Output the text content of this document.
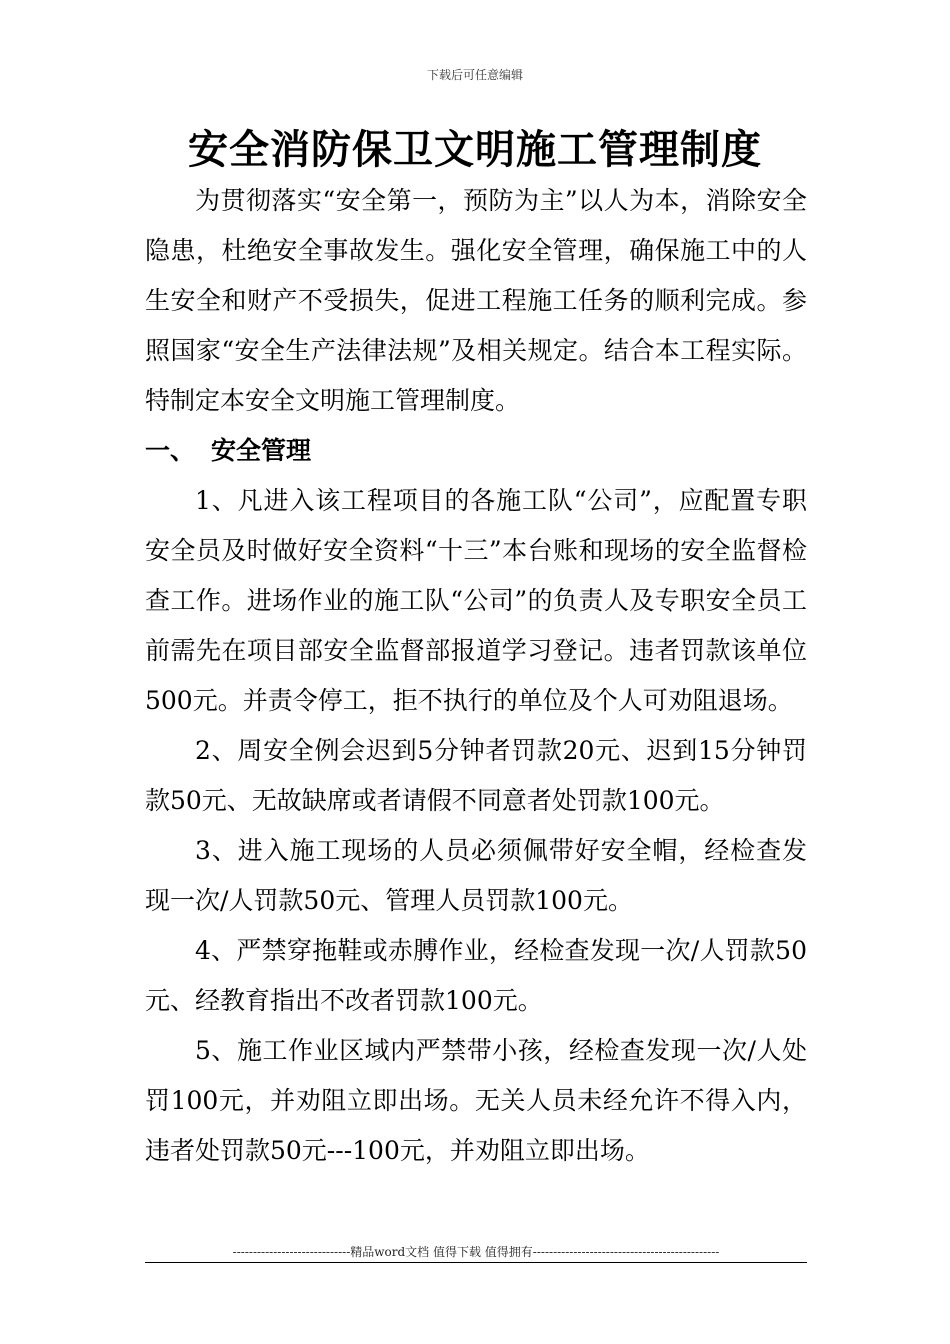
下载后可任意编辑
安全消防保卫文明施工管理制度

为贯彻落实“安全第一，预防为主”以人为本，消除安全隐患，杜绝安全事故发生。强化安全管理，确保施工中的人生安全和财产不受损失，促进工程施工任务的顺利完成。参照国家“安全生产法律法规”及相关规定。结合本工程实际。特制定本安全文明施工管理制度。

一、 安全管理

1、凡进入该工程项目的各施工队“公司”，应配置专职安全员及时做好安全资料“十三”本台账和现场的安全监督检查工作。进场作业的施工队“公司”的负责人及专职安全员工前需先在项目部安全监督部报道学习登记。违者罚款该单位500元。并责令停工，拒不执行的单位及个人可劝阻退场。

2、周安全例会迟到5分钟者罚款20元、迟到15分钟罚款50元、无故缺席或者请假不同意者处罚款100元。

3、进入施工现场的人员必须佩带好安全帽，经检查发现一次/人罚款50元、管理人员罚款100元。

4、严禁穿拖鞋或赤膊作业，经检查发现一次/人罚款50元、经教育指出不改者罚款100元。

5、施工作业区域内严禁带小孩，经检查发现一次/人处罚100元，并劝阻立即出场。无关人员未经允许不得入内，违者处罚款50元---100元，并劝阻立即出场。

-----------------------------精品word文档 值得下载 值得拥有----------------------------------------------
